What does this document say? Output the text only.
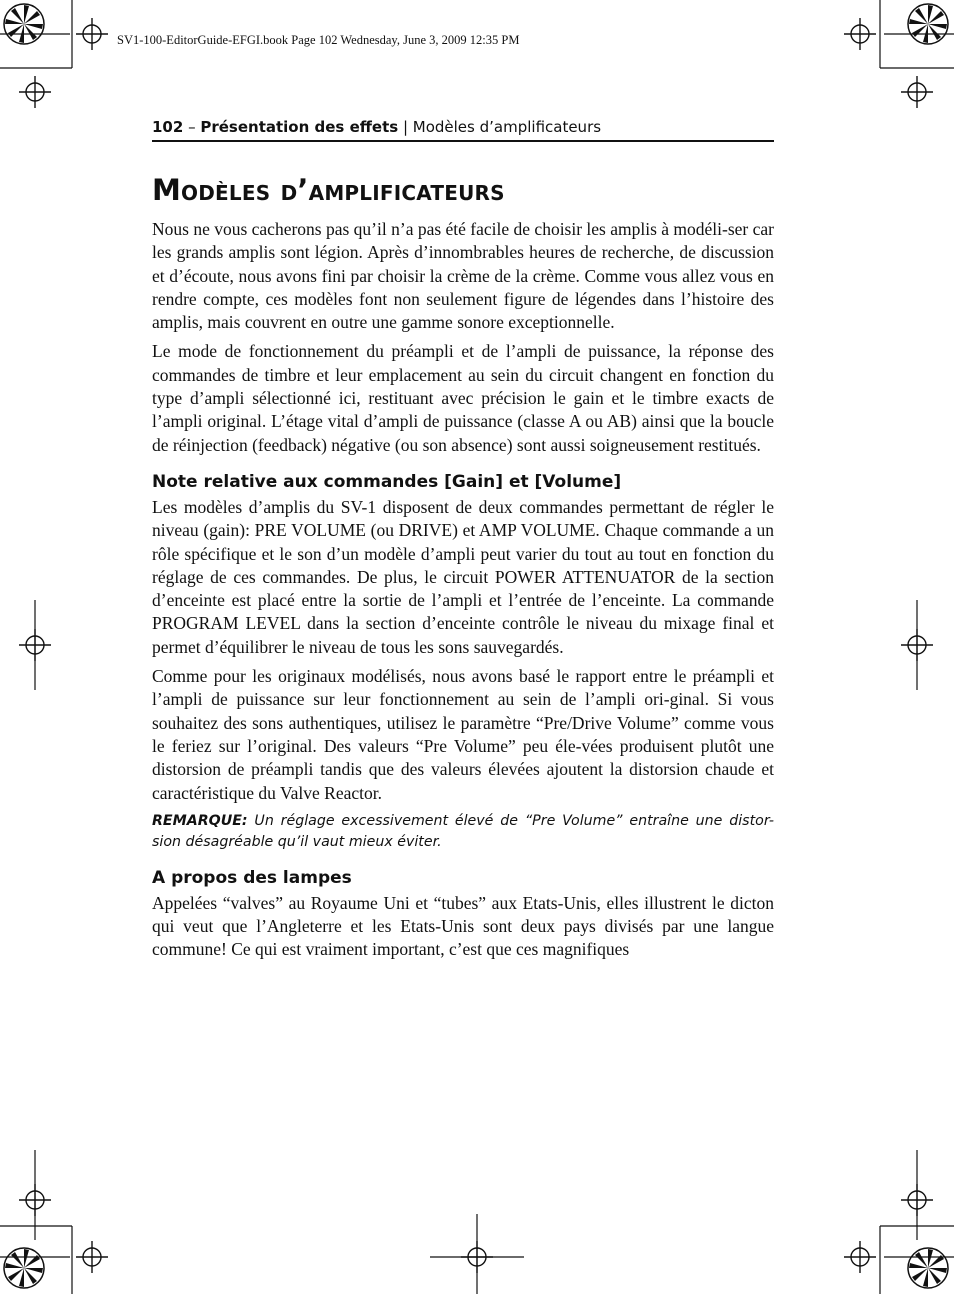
SV1-100-EditorGuide-EFGI.book Page 102 Wednesday, June 3, 2009 12:35 PM
102 – Présentation des effets | Modèles d’amplificateurs
Modèles d’amplificateurs

Nous ne vous cacherons pas qu’il n’a pas été facile de choisir les amplis à modéli-ser car les grands amplis sont légion. Après d’innombrables heures de recherche, de discussion et d’écoute, nous avons fini par choisir la crème de la crème. Comme vous allez vous en rendre compte, ces modèles font non seulement figure de légendes dans l’histoire des amplis, mais couvrent en outre une gamme sonore exceptionnelle.

Le mode de fonctionnement du préampli et de l’ampli de puissance, la réponse des commandes de timbre et leur emplacement au sein du circuit changent en fonction du type d’ampli sélectionné ici, restituant avec précision le gain et le timbre exacts de l’ampli original. L’étage vital d’ampli de puissance (classe A ou AB) ainsi que la boucle de réinjection (feedback) négative (ou son absence) sont aussi soigneusement restitués.

Note relative aux commandes [Gain] et [Volume]

Les modèles d’amplis du SV-1 disposent de deux commandes permettant de régler le niveau (gain): PRE VOLUME (ou DRIVE) et AMP VOLUME. Chaque commande a un rôle spécifique et le son d’un modèle d’ampli peut varier du tout au tout en fonction du réglage de ces commandes. De plus, le circuit POWER ATTENUATOR de la section d’enceinte est placé entre la sortie de l’ampli et l’entrée de l’enceinte. La commande PROGRAM LEVEL dans la section d’enceinte contrôle le niveau du mixage final et permet d’équilibrer le niveau de tous les sons sauvegardés.

Comme pour les originaux modélisés, nous avons basé le rapport entre le préampli et l’ampli de puissance sur leur fonctionnement au sein de l’ampli ori-ginal. Si vous souhaitez des sons authentiques, utilisez le paramètre “Pre/Drive Volume” comme vous le feriez sur l’original. Des valeurs “Pre Volume” peu éle-vées produisent plutôt une distorsion de préampli tandis que des valeurs élevées ajoutent la distorsion chaude et caractéristique du Valve Reactor.

REMARQUE: Un réglage excessivement élevé de “Pre Volume” entraîne une distor-sion désagréable qu’il vaut mieux éviter.
A propos des lampes

Appelées “valves” au Royaume Uni et “tubes” aux Etats-Unis, elles illustrent le dicton qui veut que l’Angleterre et les Etats-Unis sont deux pays divisés par une langue commune! Ce qui est vraiment important, c’est que ces magnifiques
